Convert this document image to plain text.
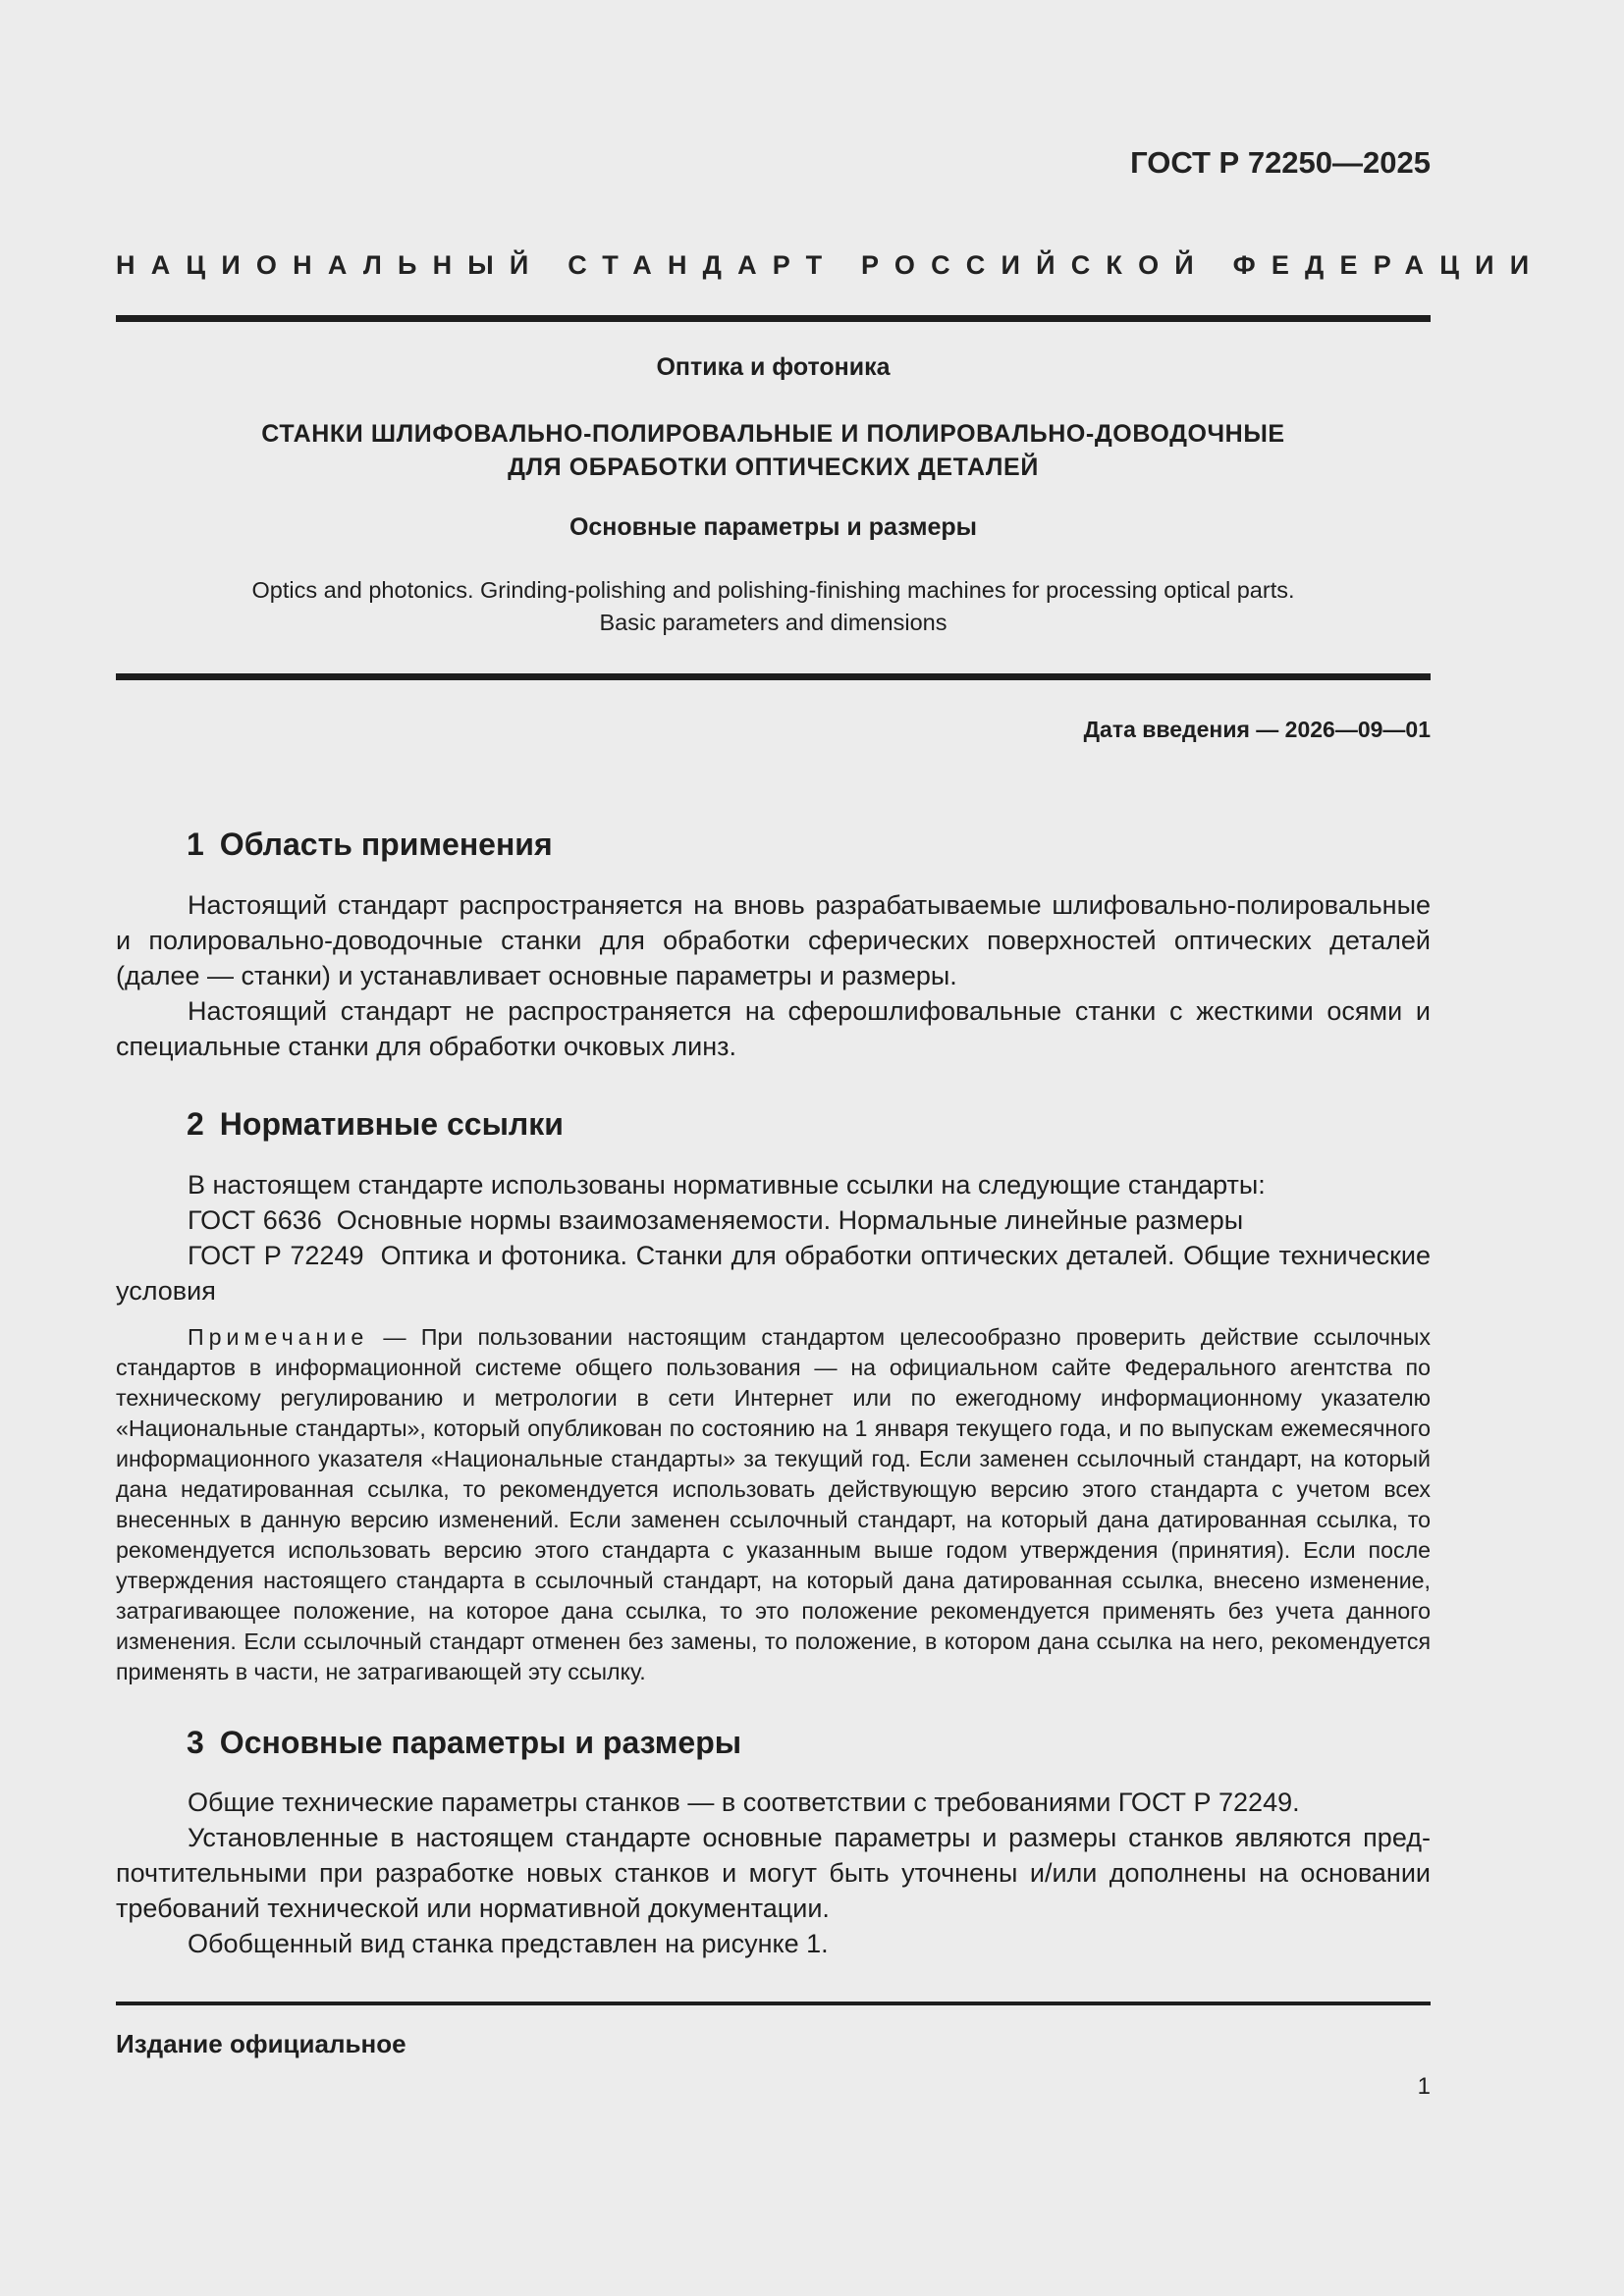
ГОСТ Р 72250—2025
НАЦИОНАЛЬНЫЙ СТАНДАРТ РОССИЙСКОЙ ФЕДЕРАЦИИ
Оптика и фотоника
СТАНКИ ШЛИФОВАЛЬНО-ПОЛИРОВАЛЬНЫЕ И ПОЛИРОВАЛЬНО-ДОВОДОЧНЫЕ
ДЛЯ ОБРАБОТКИ ОПТИЧЕСКИХ ДЕТАЛЕЙ
Основные параметры и размеры
Optics and photonics. Grinding-polishing and polishing-finishing machines for processing optical parts.
Basic parameters and dimensions
Дата введения — 2026—09—01
1 Область применения

Настоящий стандарт распространяется на вновь разрабатываемые шлифовально-полировальные и полировально-доводочные станки для обработки сферических поверхностей оптических деталей (далее — станки) и устанавливает основные параметры и размеры.

Настоящий стандарт не распространяется на сферошлифовальные станки с жесткими осями и специальные станки для обработки очковых линз.

2 Нормативные ссылки

В настоящем стандарте использованы нормативные ссылки на следующие стандарты:

ГОСТ 6636  Основные нормы взаимозаменяемости. Нормальные линейные размеры

ГОСТ Р 72249  Оптика и фотоника. Станки для обработки оптических деталей. Общие технические условия

Примечание — При пользовании настоящим стандартом целесообразно проверить действие ссылочных стандартов в информационной системе общего пользования — на официальном сайте Федерального агентства по техническому регулированию и метрологии в сети Интернет или по ежегодному информационному указателю «Национальные стандарты», который опубликован по состоянию на 1 января текущего года, и по выпускам ежемесячного информационного указателя «Национальные стандарты» за текущий год. Если заменен ссылочный стандарт, на который дана недатированная ссылка, то рекомендуется использовать действующую версию этого стандарта с учетом всех внесенных в данную версию изменений. Если заменен ссылочный стандарт, на который дана датированная ссылка, то рекомендуется использовать версию этого стандарта с указанным выше годом утверждения (принятия). Если после утверждения настоящего стандарта в ссылочный стандарт, на который дана датированная ссылка, внесено изменение, затрагивающее положение, на которое дана ссылка, то это положение рекомендуется применять без учета данного изменения. Если ссылочный стандарт отменен без замены, то положение, в котором дана ссылка на него, рекомендуется применять в части, не затрагивающей эту ссылку.

3 Основные параметры и размеры

Общие технические параметры станков — в соответствии с требованиями ГОСТ Р 72249.

Установленные в настоящем стандарте основные параметры и размеры станков являются предпочтительными при разработке новых станков и могут быть уточнены и/или дополнены на основании требований технической или нормативной документации.

Обобщенный вид станка представлен на рисунке 1.

Издание официальное
1
